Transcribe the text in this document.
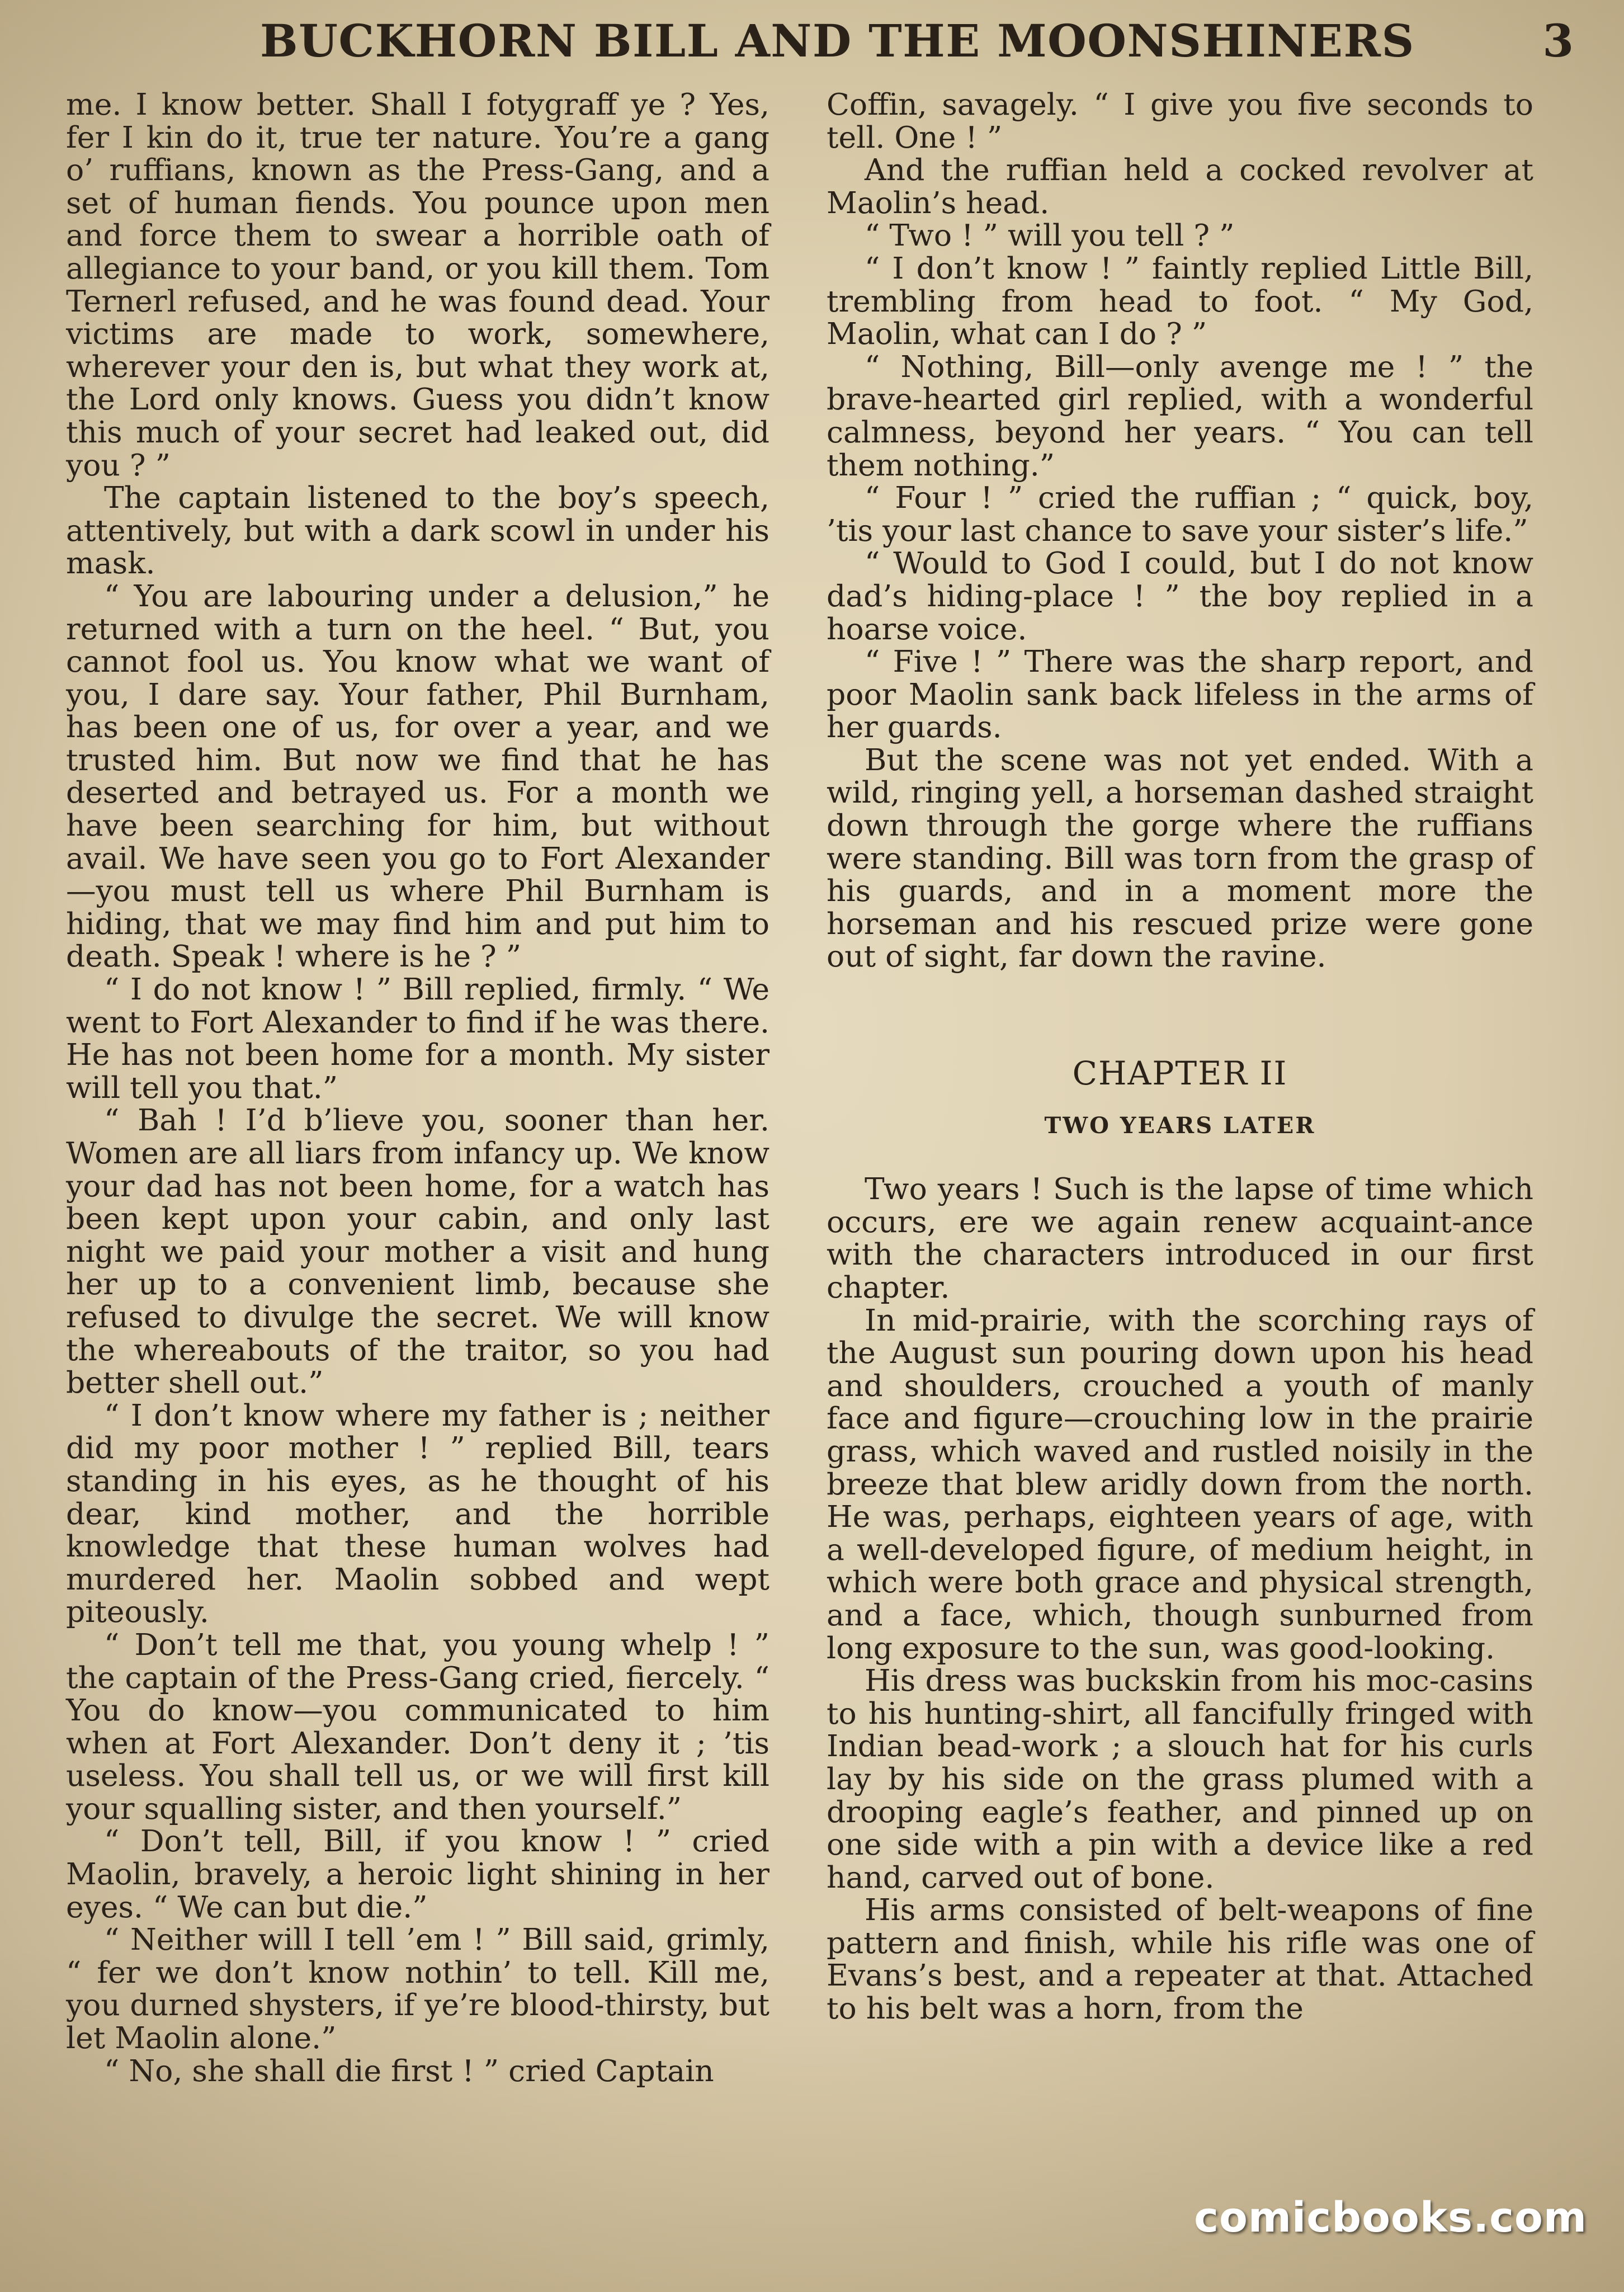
BUCKHORN BILL AND THE MOONSHINERS	3

me. I know better. Shall I fotygraff ye ? Yes, fer I kin do it, true ter nature. You’re a gang o’ ruffians, known as the Press-Gang, and a set of human fiends. You pounce upon men and force them to swear a horrible oath of allegiance to your band, or you kill them. Tom Ternerl refused, and he was found dead. Your victims are made to work, somewhere, wherever your den is, but what they work at, the Lord only knows. Guess you didn’t know this much of your secret had leaked out, did you ? ”

The captain listened to the boy’s speech, attentively, but with a dark scowl in under his mask.

“ You are labouring under a delusion,” he returned with a turn on the heel. “ But, you cannot fool us. You know what we want of you, I dare say. Your father, Phil Burnham, has been one of us, for over a year, and we trusted him. But now we find that he has deserted and betrayed us. For a month we have been searching for him, but without avail. We have seen you go to Fort Alexander—you must tell us where Phil Burnham is hiding, that we may find him and put him to death. Speak ! where is he ? ”

“ I do not know ! ” Bill replied, firmly. “ We went to Fort Alexander to find if he was there. He has not been home for a month. My sister will tell you that.”

“ Bah ! I’d b’lieve you, sooner than her. Women are all liars from infancy up. We know your dad has not been home, for a watch has been kept upon your cabin, and only last night we paid your mother a visit and hung her up to a convenient limb, because she refused to divulge the secret. We will know the whereabouts of the traitor, so you had better shell out.”

“ I don’t know where my father is ; neither did my poor mother ! ” replied Bill, tears standing in his eyes, as he thought of his dear, kind mother, and the horrible knowledge that these human wolves had murdered her. Maolin sobbed and wept piteously.

“ Don’t tell me that, you young whelp ! ” the captain of the Press-Gang cried, fiercely. “ You do know—you communicated to him when at Fort Alexander. Don’t deny it ; ’tis useless. You shall tell us, or we will first kill your squalling sister, and then yourself.”

“ Don’t tell, Bill, if you know ! ” cried Maolin, bravely, a heroic light shining in her eyes. “ We can but die.”

“ Neither will I tell ’em ! ” Bill said, grimly, “ fer we don’t know nothin’ to tell. Kill me, you durned shysters, if ye’re blood-thirsty, but let Maolin alone.”

“ No, she shall die first ! ” cried Captain

Coffin, savagely. “ I give you five seconds to tell. One ! ”

And the ruffian held a cocked revolver at Maolin’s head.

“ Two ! ” will you tell ? ”

“ I don’t know ! ” faintly replied Little Bill, trembling from head to foot. “ My God, Maolin, what can I do ? ”

“ Nothing, Bill—only avenge me ! ” the brave-hearted girl replied, with a wonderful calmness, beyond her years. “ You can tell them nothing.”

“ Four ! ” cried the ruffian ; “ quick, boy, ’tis your last chance to save your sister’s life.”

“ Would to God I could, but I do not know dad’s hiding-place ! ” the boy replied in a hoarse voice.

“ Five ! ” There was the sharp report, and poor Maolin sank back lifeless in the arms of her guards.

But the scene was not yet ended. With a wild, ringing yell, a horseman dashed straight down through the gorge where the ruffians were standing. Bill was torn from the grasp of his guards, and in a moment more the horseman and his rescued prize were gone out of sight, far down the ravine.

CHAPTER II
TWO YEARS LATER

Two years ! Such is the lapse of time which occurs, ere we again renew acquaint-ance with the characters introduced in our first chapter.

In mid-prairie, with the scorching rays of the August sun pouring down upon his head and shoulders, crouched a youth of manly face and figure—crouching low in the prairie grass, which waved and rustled noisily in the breeze that blew aridly down from the north. He was, perhaps, eighteen years of age, with a well-developed figure, of medium height, in which were both grace and physical strength, and a face, which, though sunburned from long exposure to the sun, was good-looking.

His dress was buckskin from his moc-casins to his hunting-shirt, all fancifully fringed with Indian bead-work ; a slouch hat for his curls lay by his side on the grass plumed with a drooping eagle’s feather, and pinned up on one side with a pin with a device like a red hand, carved out of bone.

His arms consisted of belt-weapons of fine pattern and finish, while his rifle was one of Evans’s best, and a repeater at that. Attached to his belt was a horn, from the

comicbooks.com
